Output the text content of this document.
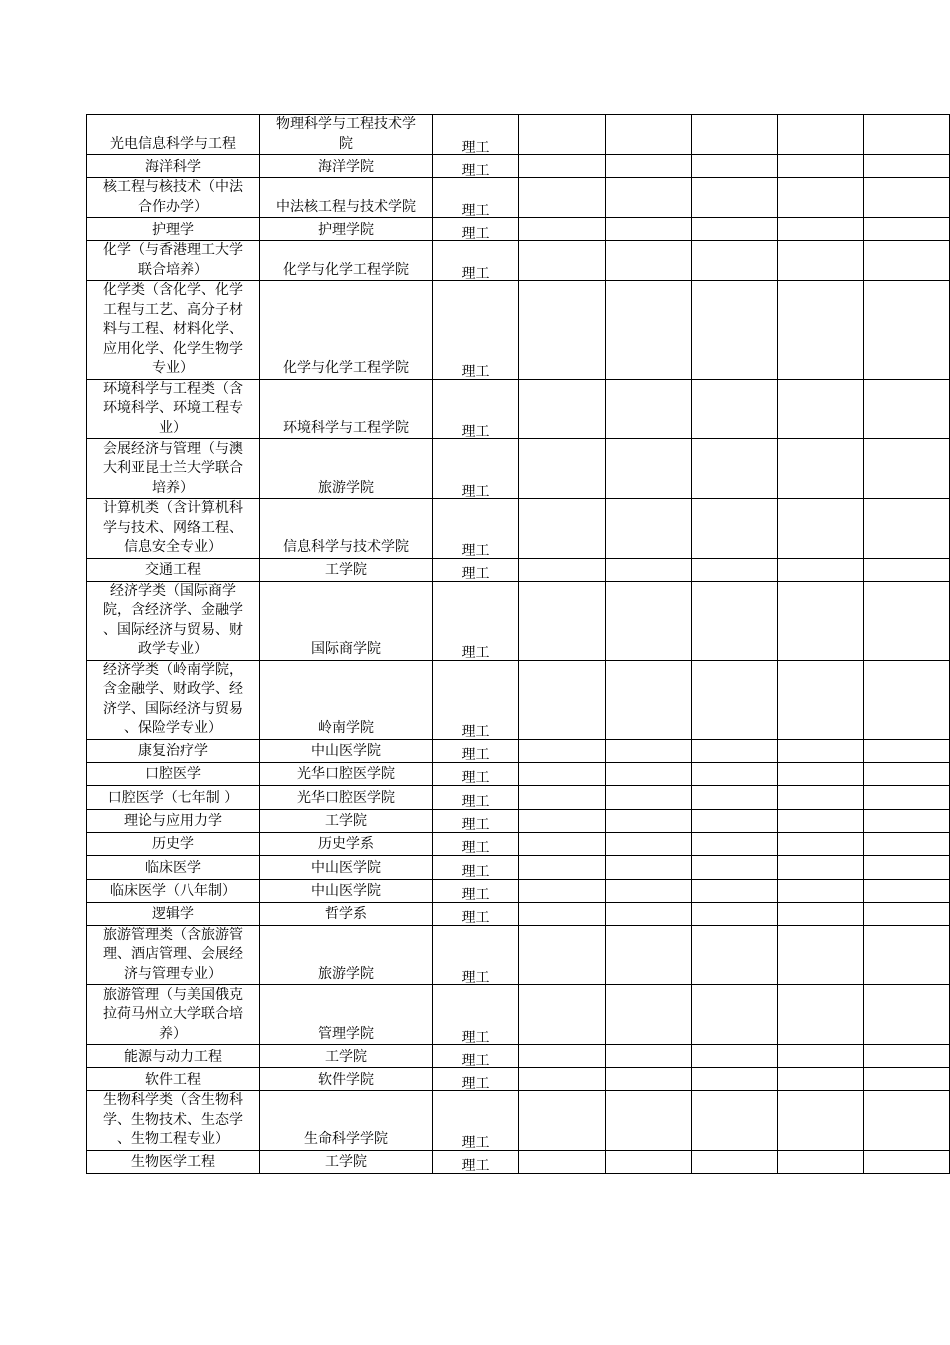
光电信息科学与工程	物理科学与工程技术学
院	理工					

海洋科学	海洋学院	理工					

核工程与核技术（中法
合作办学）	中法核工程与技术学院	理工					

护理学	护理学院	理工					

化学（与香港理工大学
联合培养）	化学与化学工程学院	理工					

化学类（含化学、化学
工程与工艺、高分子材
料与工程、材料化学、
应用化学、化学生物学
专业）	化学与化学工程学院	理工					

环境科学与工程类（含
环境科学、环境工程专
业）	环境科学与工程学院	理工					

会展经济与管理（与澳
大利亚昆士兰大学联合
培养）	旅游学院	理工					

计算机类（含计算机科
学与技术、网络工程、
信息安全专业）	信息科学与技术学院	理工					

交通工程	工学院	理工					

经济学类（国际商学
院，含经济学、金融学
、国际经济与贸易、财
政学专业）	国际商学院	理工					

经济学类（岭南学院，
含金融学、财政学、经
济学、国际经济与贸易
、保险学专业）	岭南学院	理工					

康复治疗学	中山医学院	理工					

口腔医学	光华口腔医学院	理工					

口腔医学（七年制 ）	光华口腔医学院	理工					

理论与应用力学	工学院	理工					

历史学	历史学系	理工					

临床医学	中山医学院	理工					

临床医学（八年制）	中山医学院	理工					

逻辑学	哲学系	理工					

旅游管理类（含旅游管
理、酒店管理、会展经
济与管理专业）	旅游学院	理工					

旅游管理（与美国俄克
拉荷马州立大学联合培
养）	管理学院	理工					

能源与动力工程	工学院	理工					

软件工程	软件学院	理工					

生物科学类（含生物科
学、生物技术、生态学
、生物工程专业）	生命科学学院	理工					

生物医学工程	工学院	理工					
